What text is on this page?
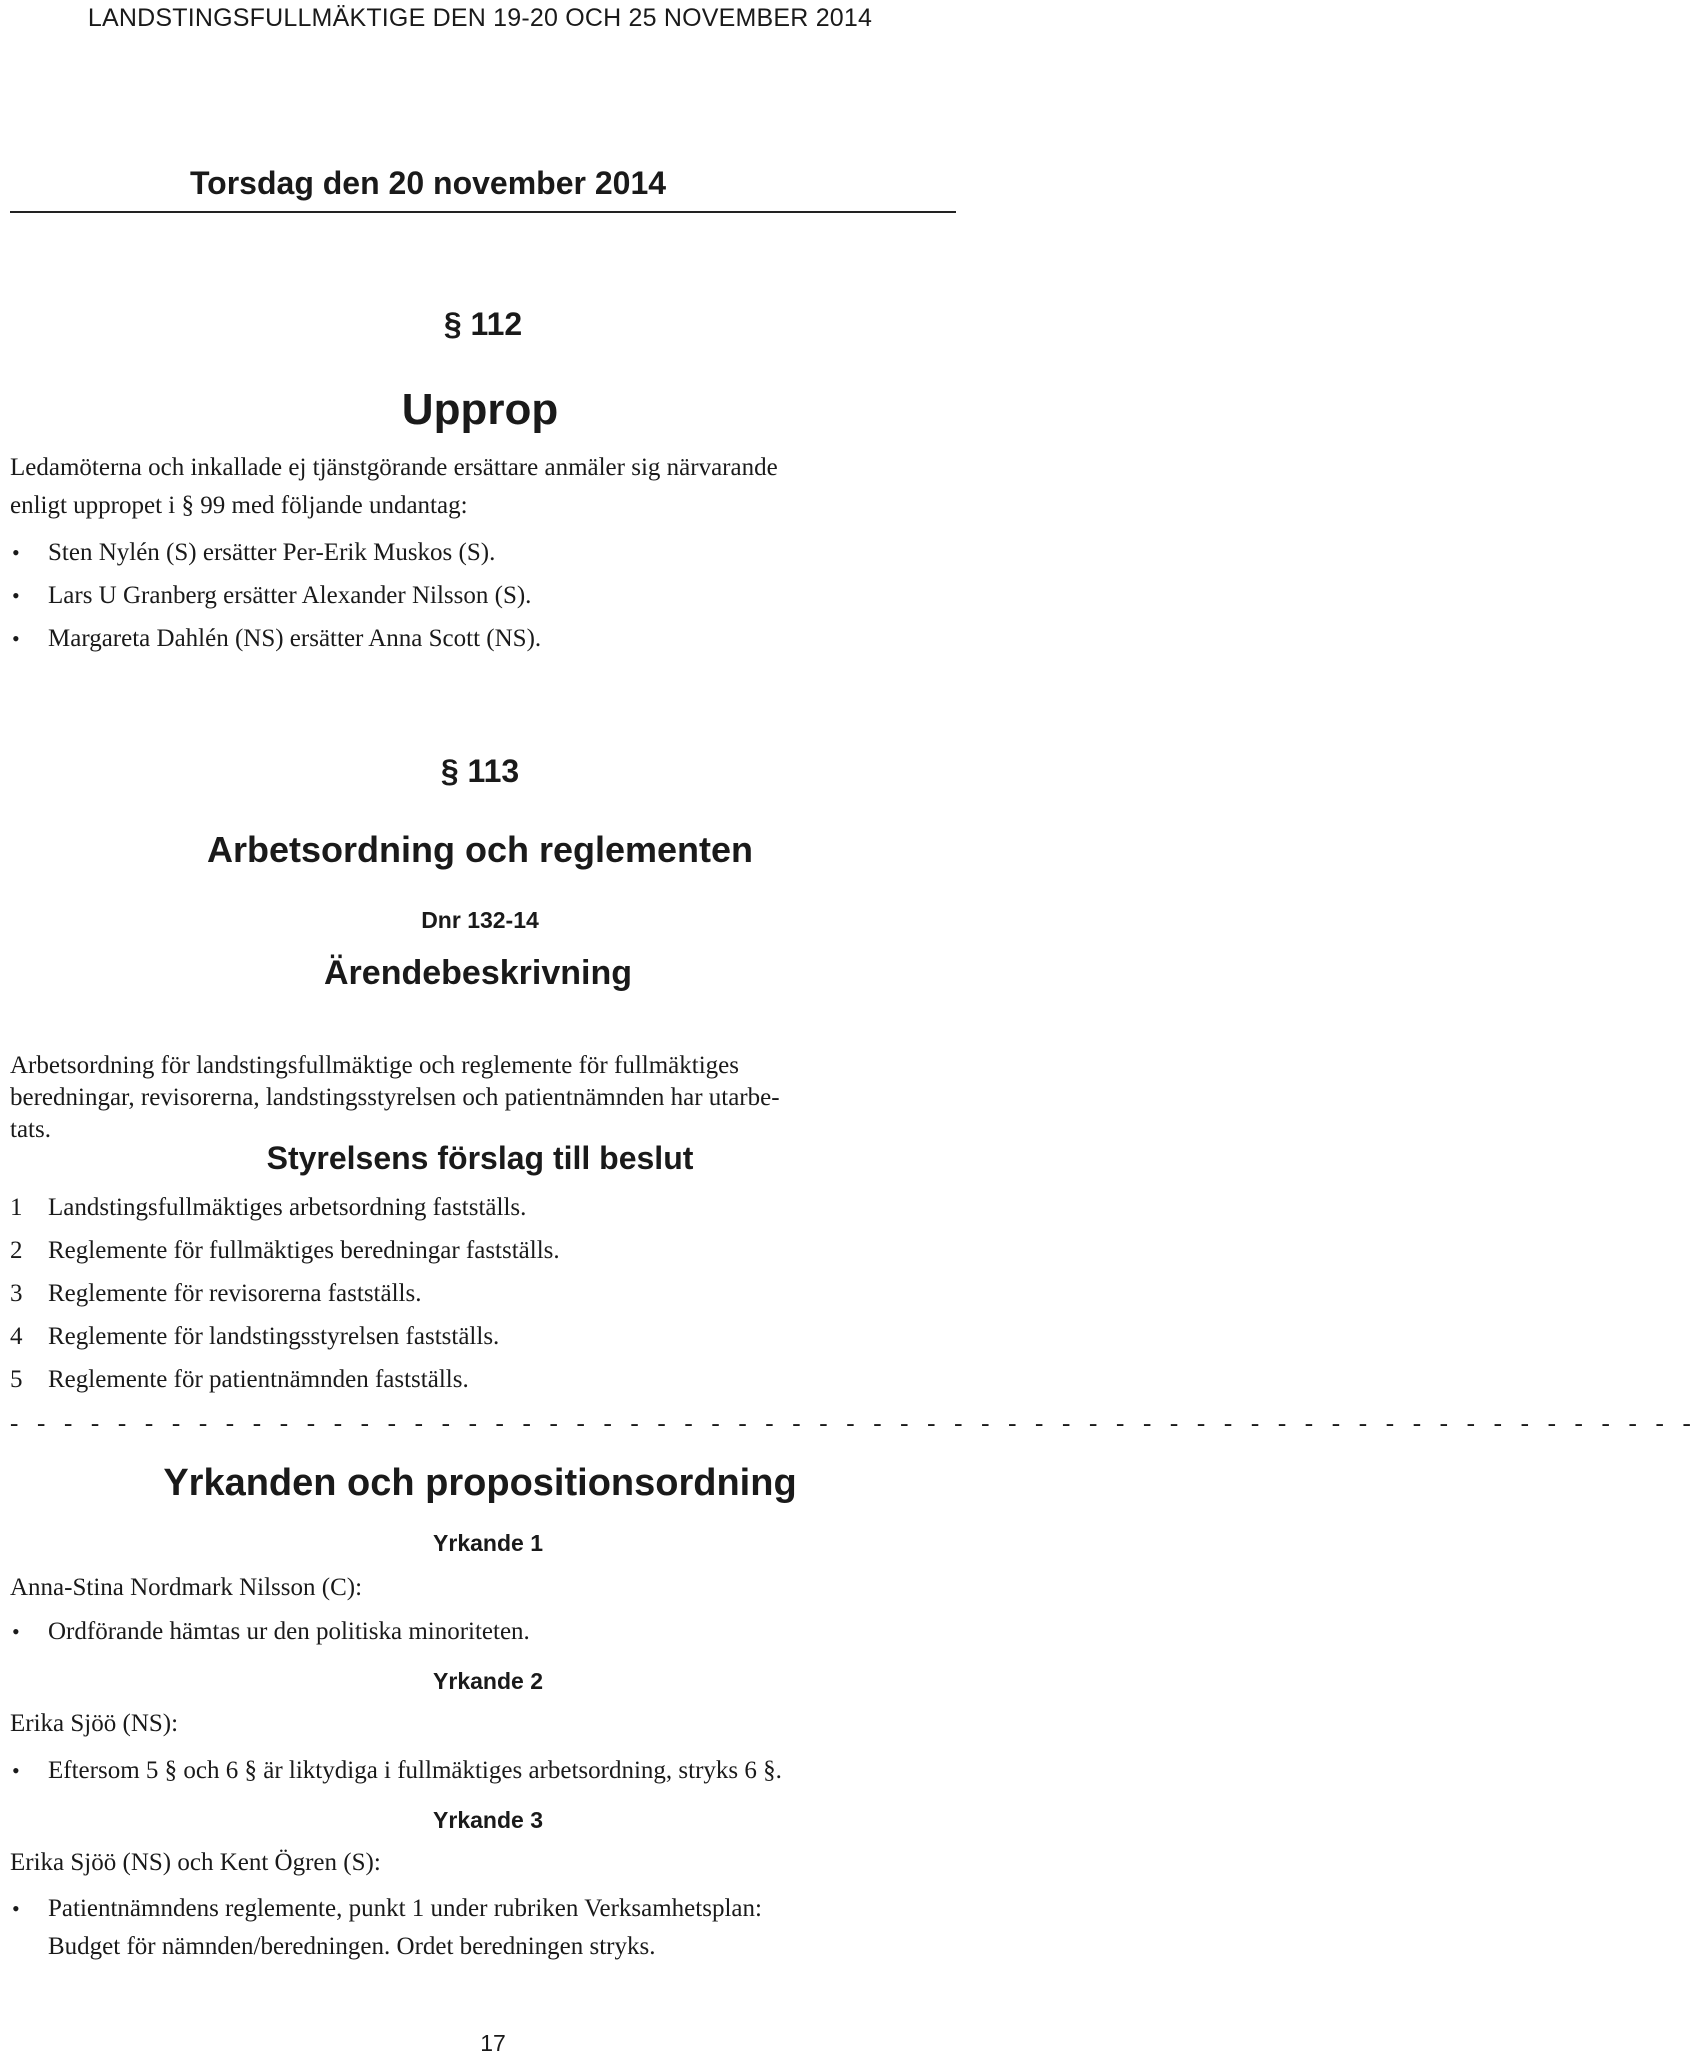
LANDSTINGSFULLMÄKTIGE DEN 19-20 OCH 25 NOVEMBER 2014
Torsdag den 20 november 2014
§ 112
Upprop
Ledamöterna och inkallade ej tjänstgörande ersättare anmäler sig närvarande
enligt uppropet i § 99 med följande undantag:
• Sten Nylén (S) ersätter Per-Erik Muskos (S).
• Lars U Granberg ersätter Alexander Nilsson (S).
• Margareta Dahlén (NS) ersätter Anna Scott (NS).
§ 113
Arbetsordning och reglementen
Dnr 132-14
Ärendebeskrivning
Arbetsordning för landstingsfullmäktige och reglemente för fullmäktiges
beredningar, revisorerna, landstingsstyrelsen och patientnämnden har utarbe-
tats.
Styrelsens förslag till beslut
1 Landstingsfullmäktiges arbetsordning fastställs.
2 Reglemente för fullmäktiges beredningar fastställs.
3 Reglemente för revisorerna fastställs.
4 Reglemente för landstingsstyrelsen fastställs.
5 Reglemente för patientnämnden fastställs.
- - - - - - - - - - - - - - - - - - - - - - - - - - - - - - - - - - - - - - - - - - - - - - - - - - - - - - - - - - - - - - -
Yrkanden och propositionsordning
Yrkande 1
Anna-Stina Nordmark Nilsson (C):
• Ordförande hämtas ur den politiska minoriteten.
Yrkande 2
Erika Sjöö (NS):
• Eftersom 5 § och 6 § är liktydiga i fullmäktiges arbetsordning, stryks 6 §.
Yrkande 3
Erika Sjöö (NS) och Kent Ögren (S):
• Patientnämndens reglemente, punkt 1 under rubriken Verksamhetsplan:
Budget för nämnden/beredningen. Ordet beredningen stryks.
17
